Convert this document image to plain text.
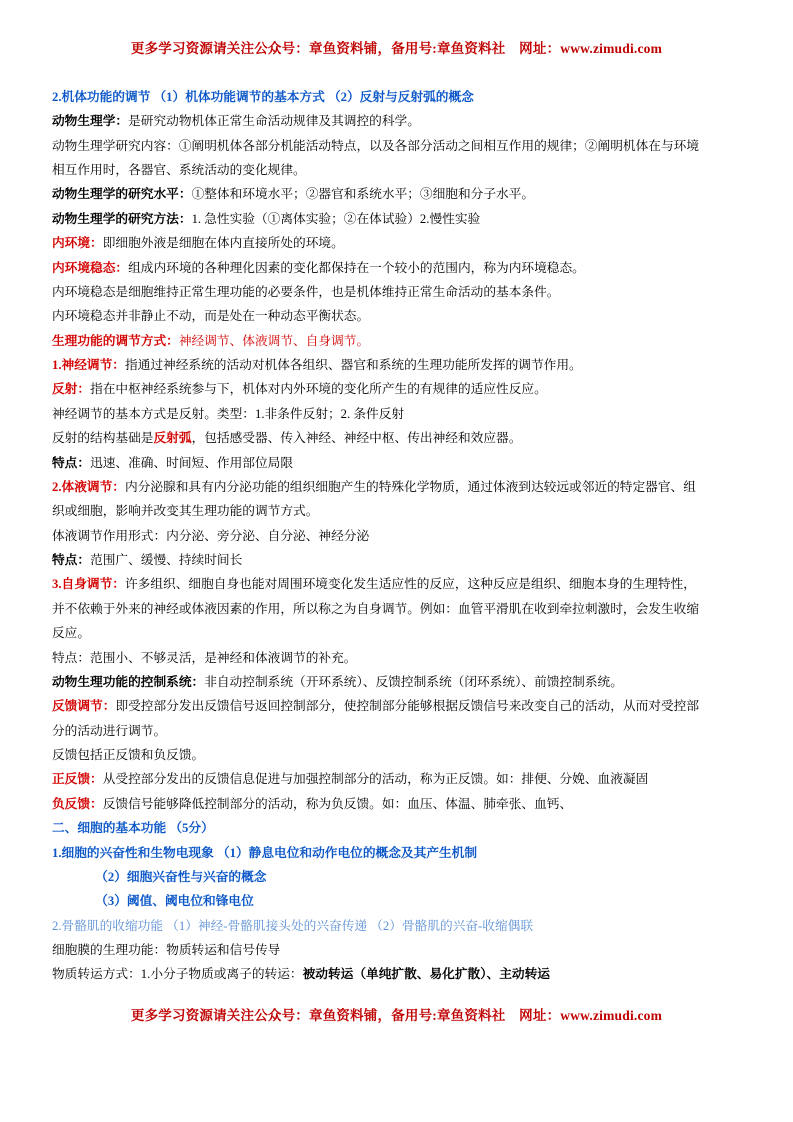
更多学习资源请关注公众号：章鱼资料铺，备用号:章鱼资料社　网址：www.zimudi.com

2.机体功能的调节 （1）机体功能调节的基本方式 （2）反射与反射弧的概念

动物生理学：是研究动物机体正常生命活动规律及其调控的科学。

动物生理学研究内容：①阐明机体各部分机能活动特点，以及各部分活动之间相互作用的规律；②阐明机体在与环境

相互作用时，各器官、系统活动的变化规律。

动物生理学的研究水平：①整体和环境水平；②器官和系统水平；③细胞和分子水平。

动物生理学的研究方法：1. 急性实验（①离体实验；②在体试验）2.慢性实验

内环境：即细胞外液是细胞在体内直接所处的环境。

内环境稳态：组成内环境的各种理化因素的变化都保持在一个较小的范围内，称为内环境稳态。

内环境稳态是细胞维持正常生理功能的必要条件，也是机体维持正常生命活动的基本条件。

内环境稳态并非静止不动，而是处在一种动态平衡状态。

生理功能的调节方式：神经调节、体液调节、自身调节。

1.神经调节：指通过神经系统的活动对机体各组织、器官和系统的生理功能所发挥的调节作用。

反射：指在中枢神经系统参与下，机体对内外环境的变化所产生的有规律的适应性反应。

神经调节的基本方式是反射。类型：1.非条件反射；2. 条件反射

反射的结构基础是反射弧，包括感受器、传入神经、神经中枢、传出神经和效应器。

特点：迅速、准确、时间短、作用部位局限

2.体液调节：内分泌腺和具有内分泌功能的组织细胞产生的特殊化学物质，通过体液到达较远或邻近的特定器官、组

织或细胞，影响并改变其生理功能的调节方式。

体液调节作用形式：内分泌、旁分泌、自分泌、神经分泌

特点：范围广、缓慢、持续时间长

3.自身调节：许多组织、细胞自身也能对周围环境变化发生适应性的反应，这种反应是组织、细胞本身的生理特性，

并不依赖于外来的神经或体液因素的作用，所以称之为自身调节。例如：血管平滑肌在收到牵拉刺激时，会发生收缩

反应。

特点：范围小、不够灵活，是神经和体液调节的补充。

动物生理功能的控制系统：非自动控制系统（开环系统）、反馈控制系统（闭环系统）、前馈控制系统。

反馈调节：即受控部分发出反馈信号返回控制部分，使控制部分能够根据反馈信号来改变自己的活动，从而对受控部

分的活动进行调节。

反馈包括正反馈和负反馈。

正反馈：从受控部分发出的反馈信息促进与加强控制部分的活动，称为正反馈。如：排便、分娩、血液凝固

负反馈：反馈信号能够降低控制部分的活动，称为负反馈。如：血压、体温、肺牵张、血钙、

二、细胞的基本功能 （5分）

1.细胞的兴奋性和生物电现象 （1）静息电位和动作电位的概念及其产生机制

（2）细胞兴奋性与兴奋的概念

（3）阈值、阈电位和锋电位

2.骨骼肌的收缩功能 （1）神经-骨骼肌接头处的兴奋传递 （2）骨骼肌的兴奋-收缩偶联

细胞膜的生理功能：物质转运和信号传导

物质转运方式：1.小分子物质或离子的转运：被动转运（单纯扩散、易化扩散）、主动转运

更多学习资源请关注公众号：章鱼资料铺，备用号:章鱼资料社　网址：www.zimudi.com
